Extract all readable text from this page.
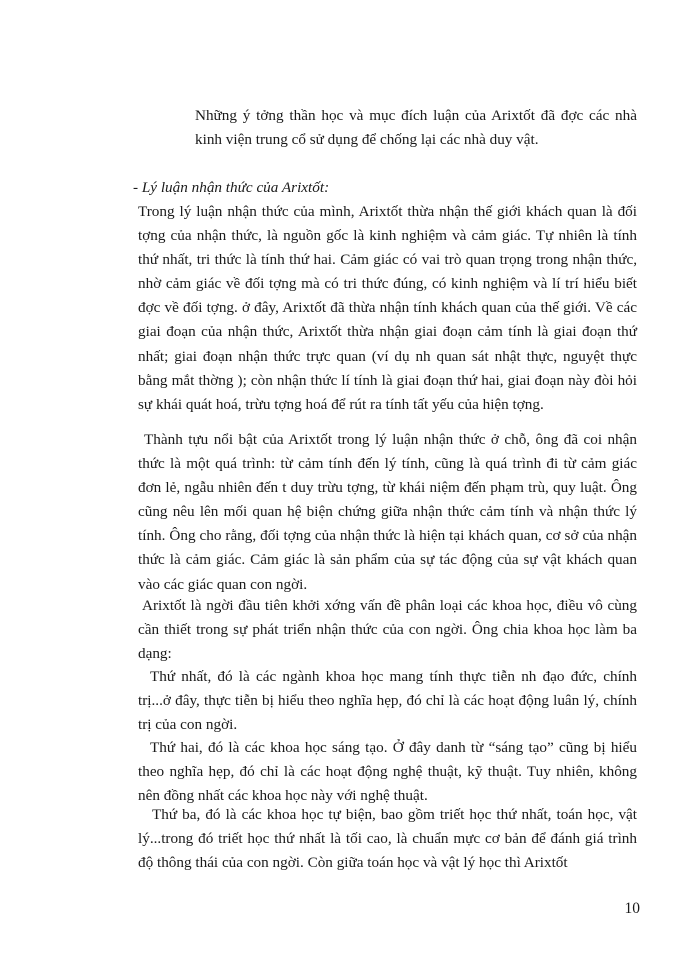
Những ý tởng thần học và mục đích luận của Arixtốt đã đợc các nhà kinh viện trung cổ sử dụng để chống lại các nhà duy vật.

- Lý luận nhận thức của Arixtốt:

Trong lý luận nhận thức của mình, Arixtốt thừa nhận thế giới khách quan là đối tợng của nhận thức, là nguồn gốc là kinh nghiệm và cảm giác. Tự nhiên là tính thứ nhất, tri thức là tính thứ hai. Cảm giác có vai trò quan trọng trong nhận thức, nhờ cảm giác về đối tợng mà có tri thức đúng, có kinh nghiệm và lí trí hiểu biết đợc về đối tợng. ở đây, Arixtốt đã thừa nhận tính khách quan của thế giới. Về các giai đoạn của nhận thức, Arixtốt thừa nhận giai đoạn cảm tính là giai đoạn thứ nhất; giai đoạn nhận thức trực quan (ví dụ nh quan sát nhật thực, nguyệt thực bằng mắt thờng ); còn nhận thức lí tính là giai đoạn thứ hai, giai đoạn này đòi hỏi sự khái quát hoá, trừu tợng hoá để rút ra tính tất yếu của hiện tợng.

Thành tựu nổi bật của Arixtốt trong lý luận nhận thức ở chỗ, ông đã coi nhận thức là một quá trình: từ cảm tính đến lý tính, cũng là quá trình đi từ cảm giác đơn lẻ, ngẫu nhiên đến t duy trừu tợng, từ khái niệm đến phạm trù, quy luật. Ông cũng nêu lên mối quan hệ biện chứng giữa nhận thức cảm tính và nhận thức lý tính. Ông cho rằng, đối tợng của nhận thức là hiện tại khách quan, cơ sở của nhận thức là cảm giác. Cảm giác là sản phẩm của sự tác động của sự vật khách quan vào các giác quan con ngời.

Arixtốt là ngời đầu tiên khởi xớng vấn đề phân loại các khoa học, điều vô cùng cần thiết trong sự phát triển nhận thức của con ngời. Ông chia khoa học làm ba dạng:

Thứ nhất, đó là các ngành khoa học mang tính thực tiễn nh đạo đức, chính trị...ở đây, thực tiễn bị hiểu theo nghĩa hẹp, đó chỉ là các hoạt động luân lý, chính trị của con ngời.

Thứ hai, đó là các khoa học sáng tạo. Ở đây danh từ “sáng tạo” cũng bị hiểu theo nghĩa hẹp, đó chỉ là các hoạt động nghệ thuật, kỹ thuật. Tuy nhiên, không nên đồng nhất các khoa học này với nghệ thuật.

Thứ ba, đó là các khoa học tự biện, bao gồm triết học thứ nhất, toán học, vật lý...trong đó triết học thứ nhất là tối cao, là chuẩn mực cơ bản để đánh giá trình độ thông thái của con ngời. Còn giữa toán học và vật lý học thì Arixtốt

10
